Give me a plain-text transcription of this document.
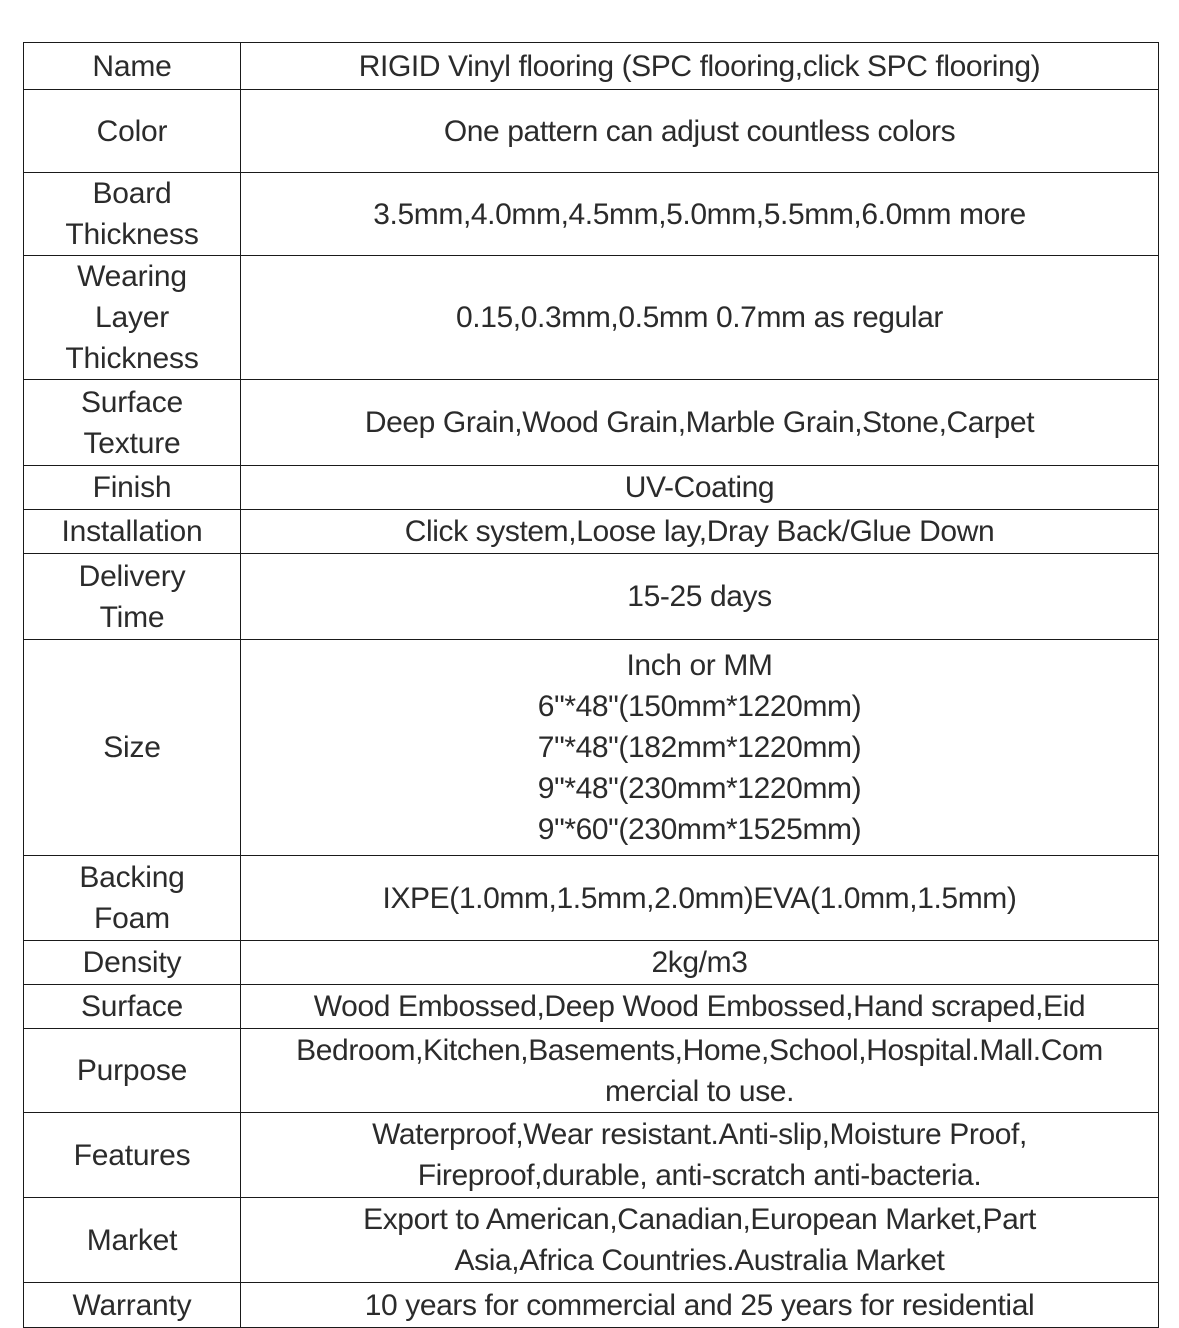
Name	RIGID Vinyl flooring (SPC flooring,click SPC flooring)

Color	One pattern can adjust countless colors

Board
Thickness	3.5mm,4.0mm,4.5mm,5.0mm,5.5mm,6.0mm more

Wearing
Layer
Thickness	0.15,0.3mm,0.5mm 0.7mm as regular

Surface
Texture	Deep Grain,Wood Grain,Marble Grain,Stone,Carpet

Finish	UV-Coating

Installation	Click system,Loose lay,Dray Back/Glue Down

Delivery
Time	15-25 days

Size	Inch or MM
6"*48"(150mm*1220mm)
7"*48"(182mm*1220mm)
9"*48"(230mm*1220mm)
9"*60"(230mm*1525mm)

Backing
Foam	IXPE(1.0mm,1.5mm,2.0mm)EVA(1.0mm,1.5mm)

Density	2kg/m3

Surface	Wood Embossed,Deep Wood Embossed,Hand scraped,Eid

Purpose	Bedroom,Kitchen,Basements,Home,School,Hospital.Mall.Com
mercial to use.

Features	Waterproof,Wear resistant.Anti-slip,Moisture Proof,
Fireproof,durable, anti-scratch anti-bacteria.

Market	Export to American,Canadian,European Market,Part
Asia,Africa Countries.Australia Market

Warranty	10 years for commercial and 25 years for residential
